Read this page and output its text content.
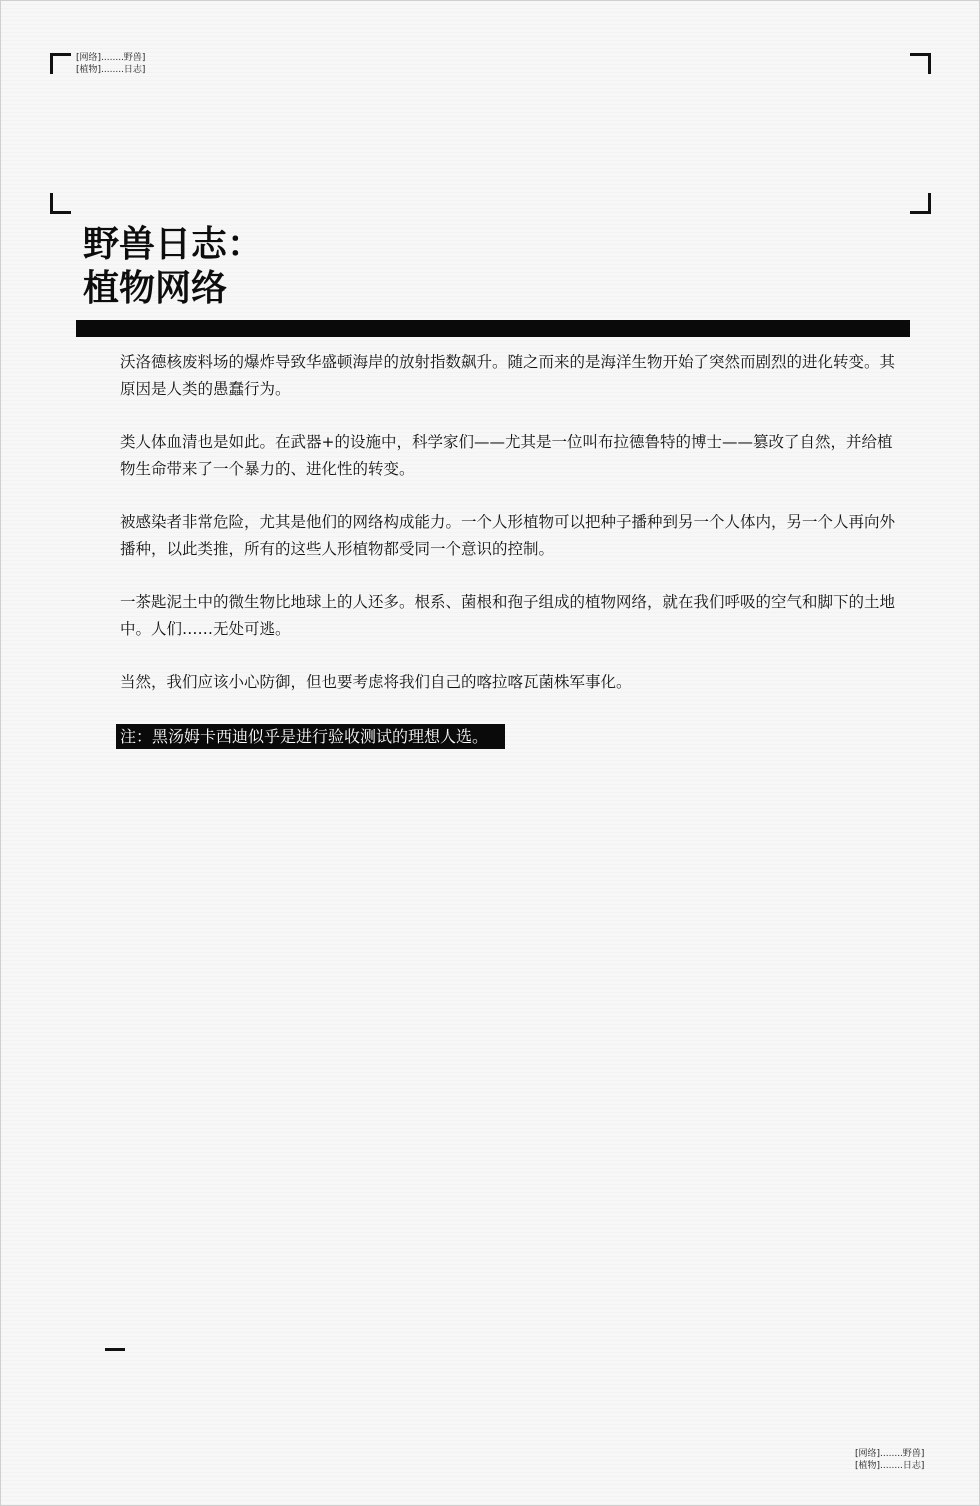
[网络]........野兽]
[植物]........日志]
野兽日志：
植物网络

沃洛德核废料场的爆炸导致华盛顿海岸的放射指数飙升。随之而来的是海洋生物开始了突然而剧烈的进化转变。其原因是人类的愚蠢行为。

类人体血清也是如此。在武器+的设施中，科学家们——尤其是一位叫布拉德鲁特的博士——篡改了自然，并给植物生命带来了一个暴力的、进化性的转变。

被感染者非常危险，尤其是他们的网络构成能力。一个人形植物可以把种子播种到另一个人体内，另一个人再向外播种，以此类推，所有的这些人形植物都受同一个意识的控制。

一茶匙泥土中的微生物比地球上的人还多。根系、菌根和孢子组成的植物网络，就在我们呼吸的空气和脚下的土地中。人们……无处可逃。

当然，我们应该小心防御，但也要考虑将我们自己的喀拉喀瓦菌株军事化。

注：黑汤姆卡西迪似乎是进行验收测试的理想人选。
[网络]........野兽]
[植物]........日志]
